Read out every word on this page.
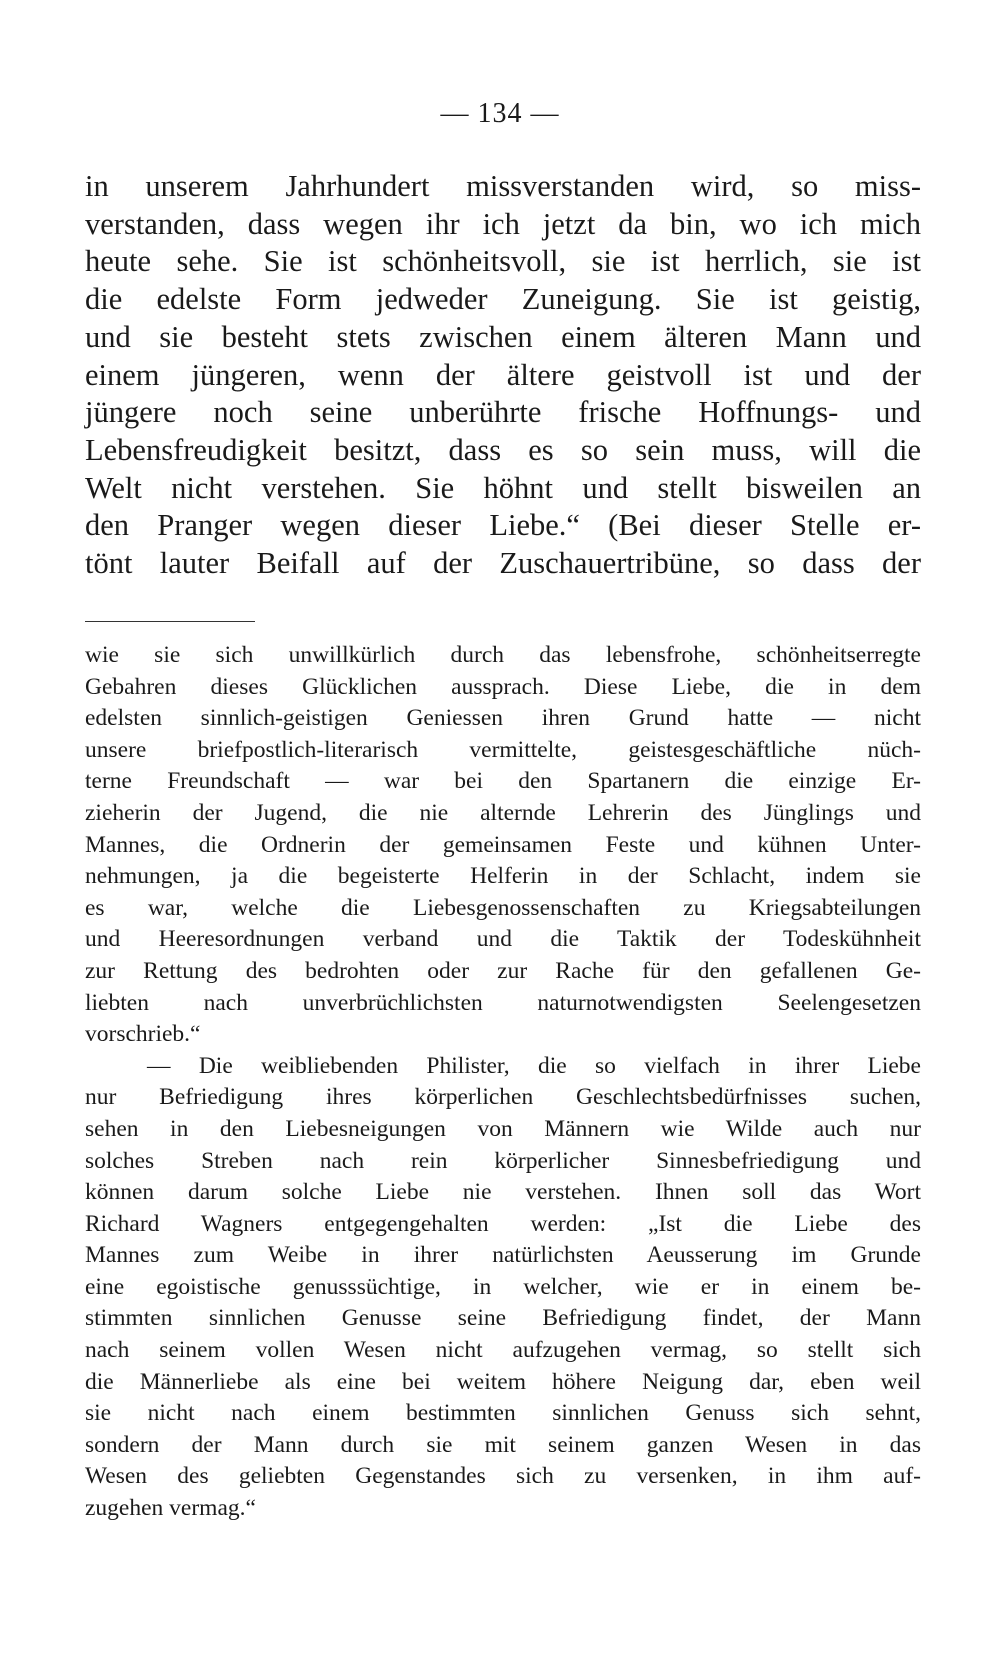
— 134 —
in unserem Jahrhundert missverstanden wird, so miss-
verstanden, dass wegen ihr ich jetzt da bin, wo ich mich
heute sehe. Sie ist schönheitsvoll, sie ist herrlich, sie ist
die edelste Form jedweder Zuneigung. Sie ist geistig,
und sie besteht stets zwischen einem älteren Mann und
einem jüngeren, wenn der ältere geistvoll ist und der
jüngere noch seine unberührte frische Hoffnungs- und
Lebensfreudigkeit besitzt, dass es so sein muss, will die
Welt nicht verstehen. Sie höhnt und stellt bisweilen an
den Pranger wegen dieser Liebe.“ (Bei dieser Stelle er-
tönt lauter Beifall auf der Zuschauertribüne, so dass der
wie sie sich unwillkürlich durch das lebensfrohe, schönheitserregte
Gebahren dieses Glücklichen aussprach. Diese Liebe, die in dem
edelsten sinnlich-geistigen Geniessen ihren Grund hatte — nicht
unsere briefpostlich-literarisch vermittelte, geistesgeschäftliche nüch-
terne Freundschaft — war bei den Spartanern die einzige Er-
zieherin der Jugend, die nie alternde Lehrerin des Jünglings und
Mannes, die Ordnerin der gemeinsamen Feste und kühnen Unter-
nehmungen, ja die begeisterte Helferin in der Schlacht, indem sie
es war, welche die Liebesgenossenschaften zu Kriegsabteilungen
und Heeresordnungen verband und die Taktik der Todeskühnheit
zur Rettung des bedrohten oder zur Rache für den gefallenen Ge-
liebten nach unverbrüchlichsten naturnotwendigsten Seelengesetzen
vorschrieb.“
— Die weibliebenden Philister, die so vielfach in ihrer Liebe
nur Befriedigung ihres körperlichen Geschlechtsbedürfnisses suchen,
sehen in den Liebesneigungen von Männern wie Wilde auch nur
solches Streben nach rein körperlicher Sinnesbefriedigung und
können darum solche Liebe nie verstehen. Ihnen soll das Wort
Richard Wagners entgegengehalten werden: „Ist die Liebe des
Mannes zum Weibe in ihrer natürlichsten Aeusserung im Grunde
eine egoistische genusssüchtige, in welcher, wie er in einem be-
stimmten sinnlichen Genusse seine Befriedigung findet, der Mann
nach seinem vollen Wesen nicht aufzugehen vermag, so stellt sich
die Männerliebe als eine bei weitem höhere Neigung dar, eben weil
sie nicht nach einem bestimmten sinnlichen Genuss sich sehnt,
sondern der Mann durch sie mit seinem ganzen Wesen in das
Wesen des geliebten Gegenstandes sich zu versenken, in ihm auf-
zugehen vermag.“
